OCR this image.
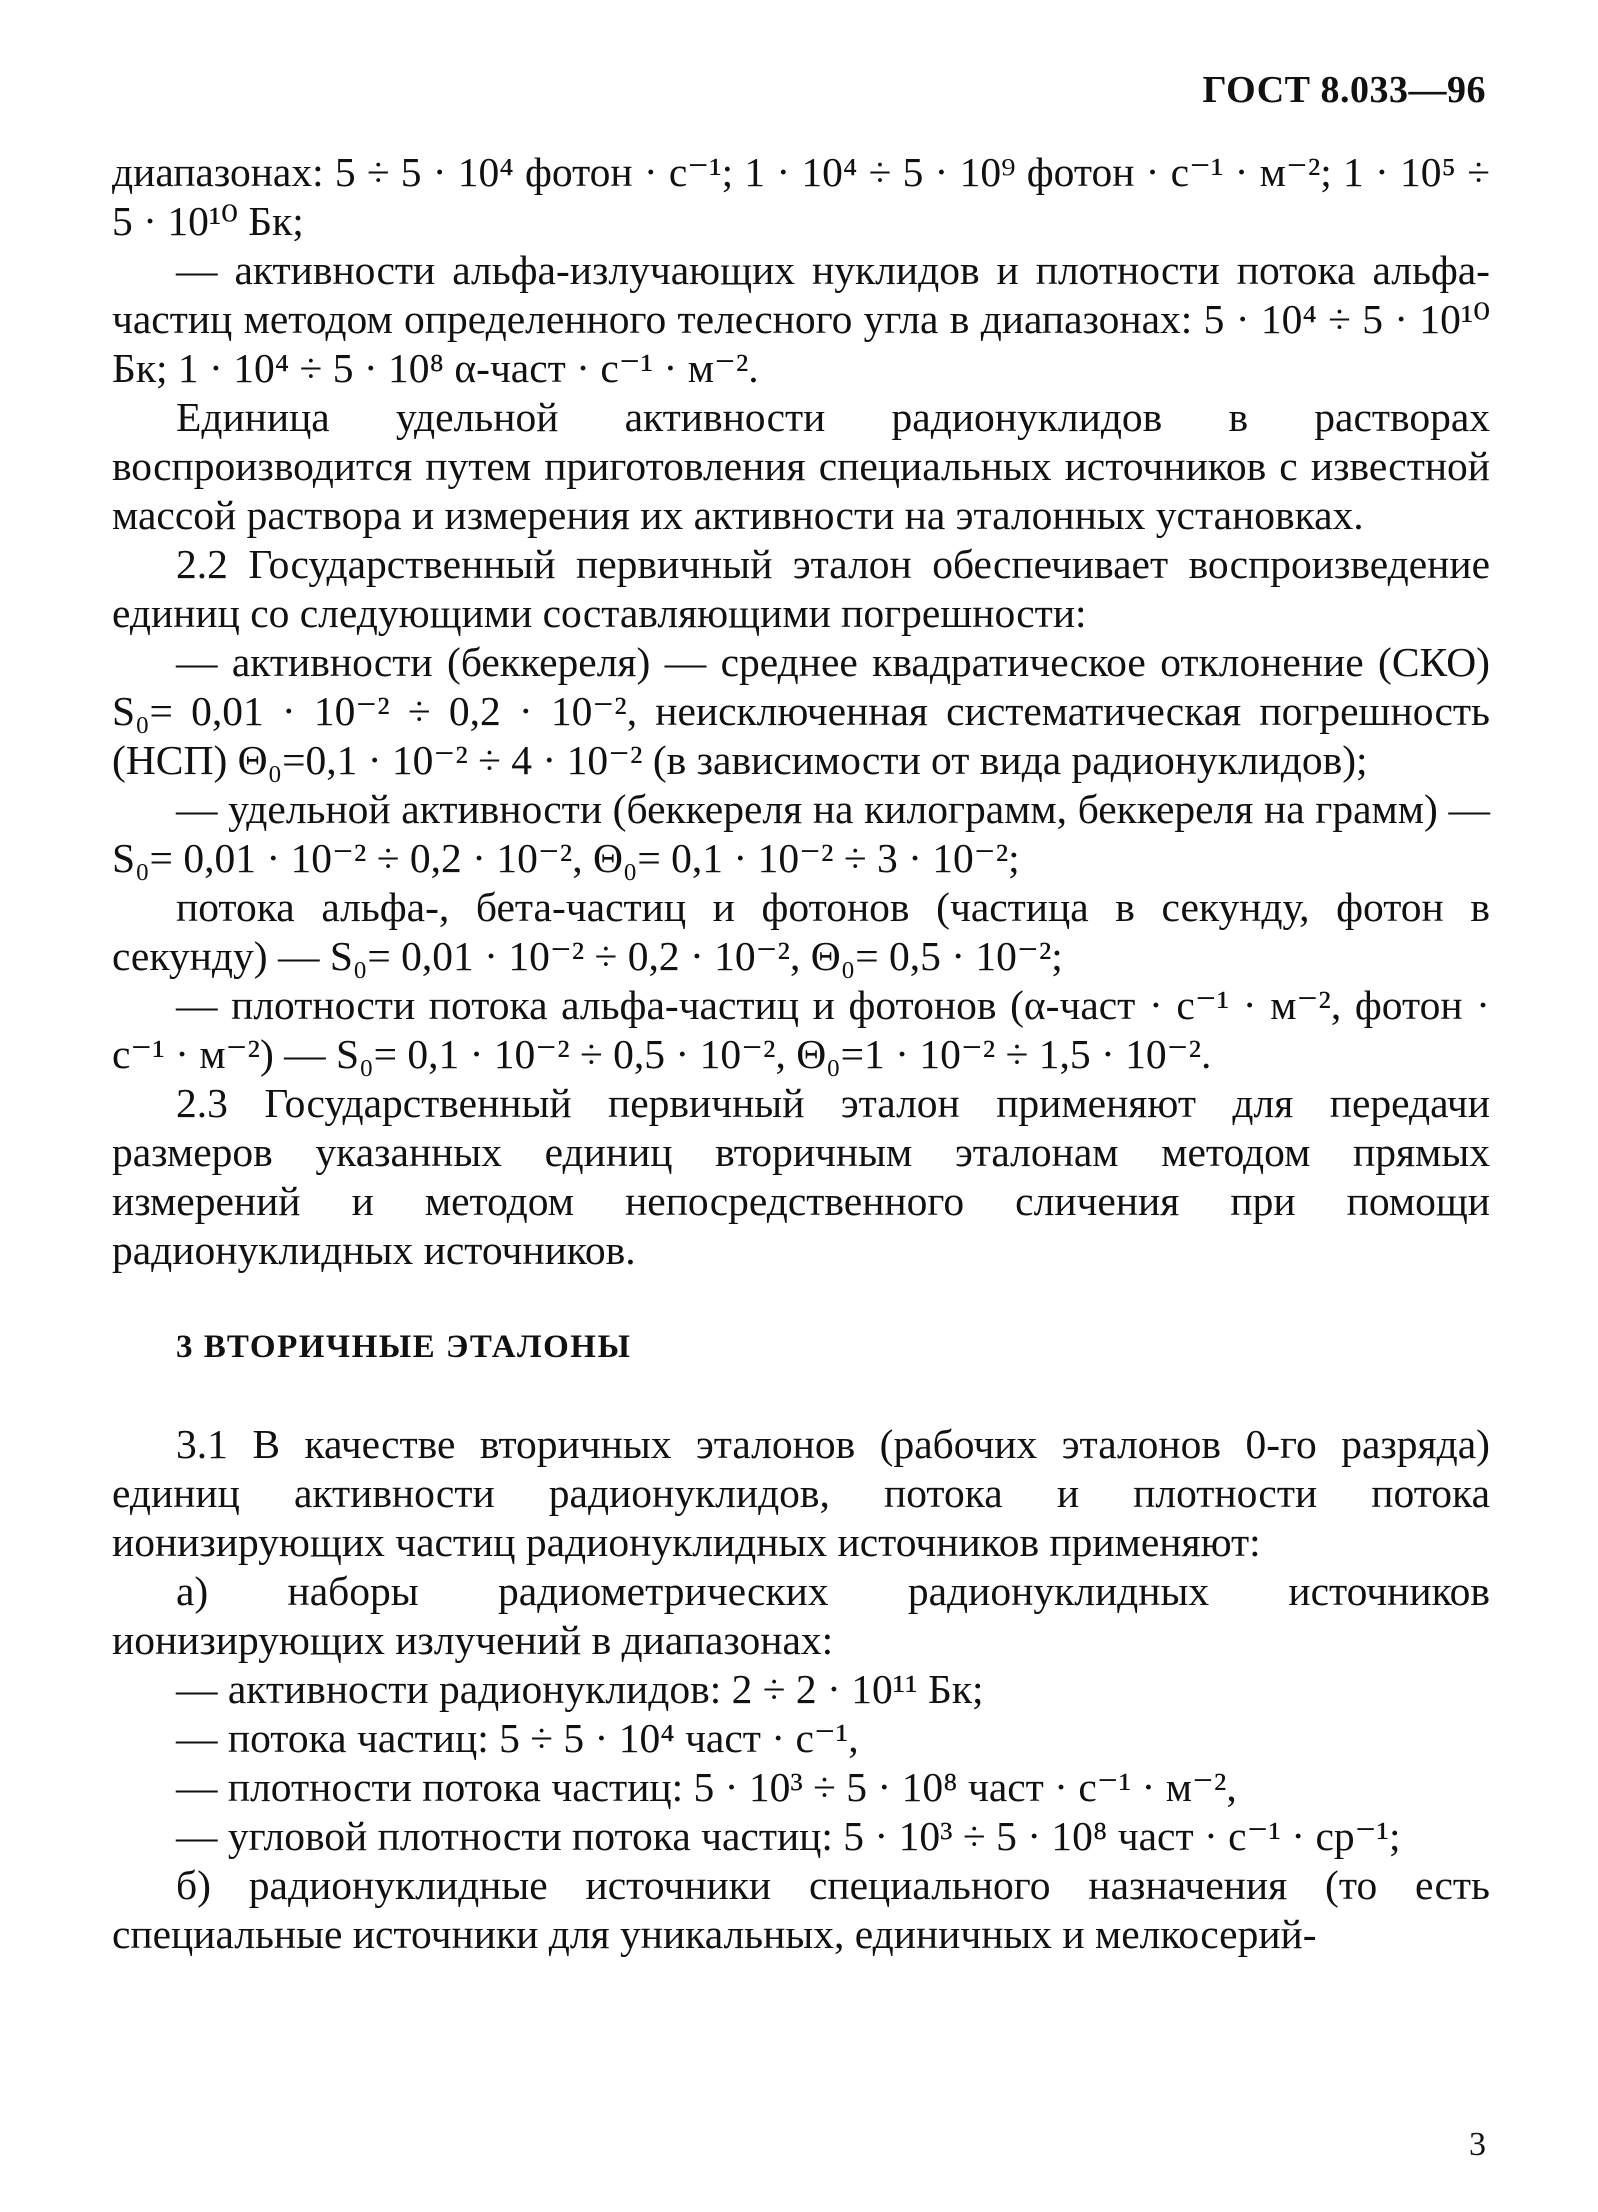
ГОСТ 8.033—96

диапазонах: 5 ÷ 5 · 10⁴ фотон · с⁻¹; 1 · 10⁴ ÷ 5 · 10⁹ фотон · с⁻¹ · м⁻²; 1 · 10⁵ ÷ 5 · 10¹⁰ Бк;

— активности альфа-излучающих нуклидов и плотности потока альфа-частиц методом определенного телесного угла в диапазонах: 5 · 10⁴ ÷ 5 · 10¹⁰ Бк; 1 · 10⁴ ÷ 5 · 10⁸ α-част · с⁻¹ · м⁻².

Единица удельной активности радионуклидов в растворах воспроизводится путем приготовления специальных источников с известной массой раствора и измерения их активности на эталонных установках.

2.2 Государственный первичный эталон обеспечивает воспроизведение единиц со следующими составляющими погрешности:

— активности (беккереля) — среднее квадратическое отклонение (СКО) S₀= 0,01 · 10⁻² ÷ 0,2 · 10⁻², неисключенная систематическая погрешность (НСП) Θ₀=0,1 · 10⁻² ÷ 4 · 10⁻² (в зависимости от вида радионуклидов);

— удельной активности (беккереля на килограмм, беккереля на грамм) — S₀= 0,01 · 10⁻² ÷ 0,2 · 10⁻², Θ₀= 0,1 · 10⁻² ÷ 3 · 10⁻²;

потока альфа-, бета-частиц и фотонов (частица в секунду, фотон в секунду) — S₀= 0,01 · 10⁻² ÷ 0,2 · 10⁻², Θ₀= 0,5 · 10⁻²;

— плотности потока альфа-частиц и фотонов (α-част · с⁻¹ · м⁻², фотон · с⁻¹ · м⁻²) — S₀= 0,1 · 10⁻² ÷ 0,5 · 10⁻², Θ₀=1 · 10⁻² ÷ 1,5 · 10⁻².

2.3 Государственный первичный эталон применяют для передачи размеров указанных единиц вторичным эталонам методом прямых измерений и методом непосредственного сличения при помощи радионуклидных источников.

3 ВТОРИЧНЫЕ ЭТАЛОНЫ

3.1 В качестве вторичных эталонов (рабочих эталонов 0-го разряда) единиц активности радионуклидов, потока и плотности потока ионизирующих частиц радионуклидных источников применяют:

а) наборы радиометрических радионуклидных источников ионизирующих излучений в диапазонах:

— активности радионуклидов: 2 ÷ 2 · 10¹¹ Бк;

— потока частиц: 5 ÷ 5 · 10⁴ част · с⁻¹,

— плотности потока частиц: 5 · 10³ ÷ 5 · 10⁸ част · с⁻¹ · м⁻²,

— угловой плотности потока частиц: 5 · 10³ ÷ 5 · 10⁸ част · с⁻¹ · ср⁻¹;

б) радионуклидные источники специального назначения (то есть специальные источники для уникальных, единичных и мелкосерий-

3
